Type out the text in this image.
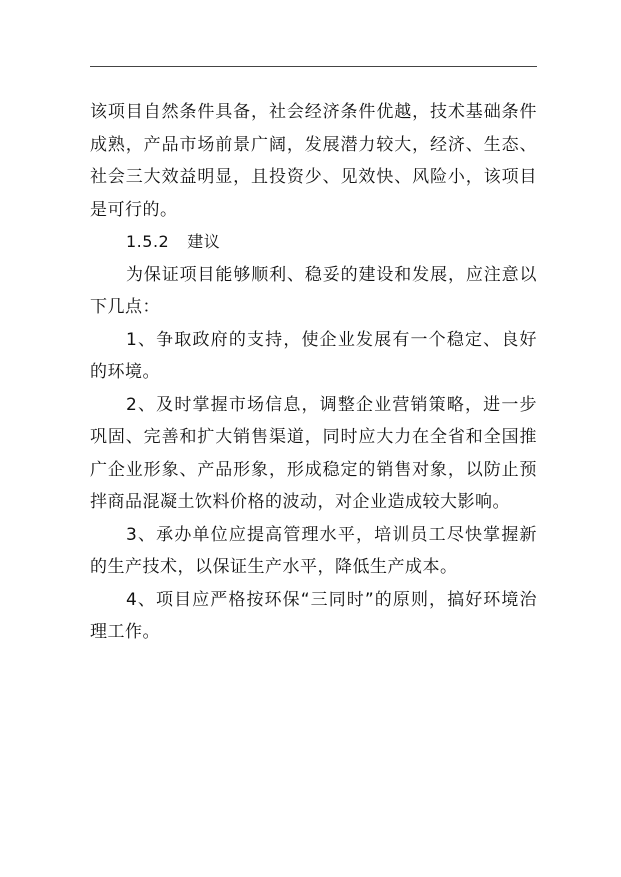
该项目自然条件具备，社会经济条件优越，技术基础条件成熟，产品市场前景广阔，发展潜力较大，经济、生态、社会三大效益明显，且投资少、见效快、风险小，该项目是可行的。

1.5.2 建议

为保证项目能够顺利、稳妥的建设和发展，应注意以下几点：

1、争取政府的支持，使企业发展有一个稳定、良好的环境。

2、及时掌握市场信息，调整企业营销策略，进一步巩固、完善和扩大销售渠道，同时应大力在全省和全国推广企业形象、产品形象，形成稳定的销售对象，以防止预拌商品混凝土饮料价格的波动，对企业造成较大影响。

3、承办单位应提高管理水平，培训员工尽快掌握新的生产技术，以保证生产水平，降低生产成本。

4、项目应严格按环保“三同时”的原则，搞好环境治理工作。
